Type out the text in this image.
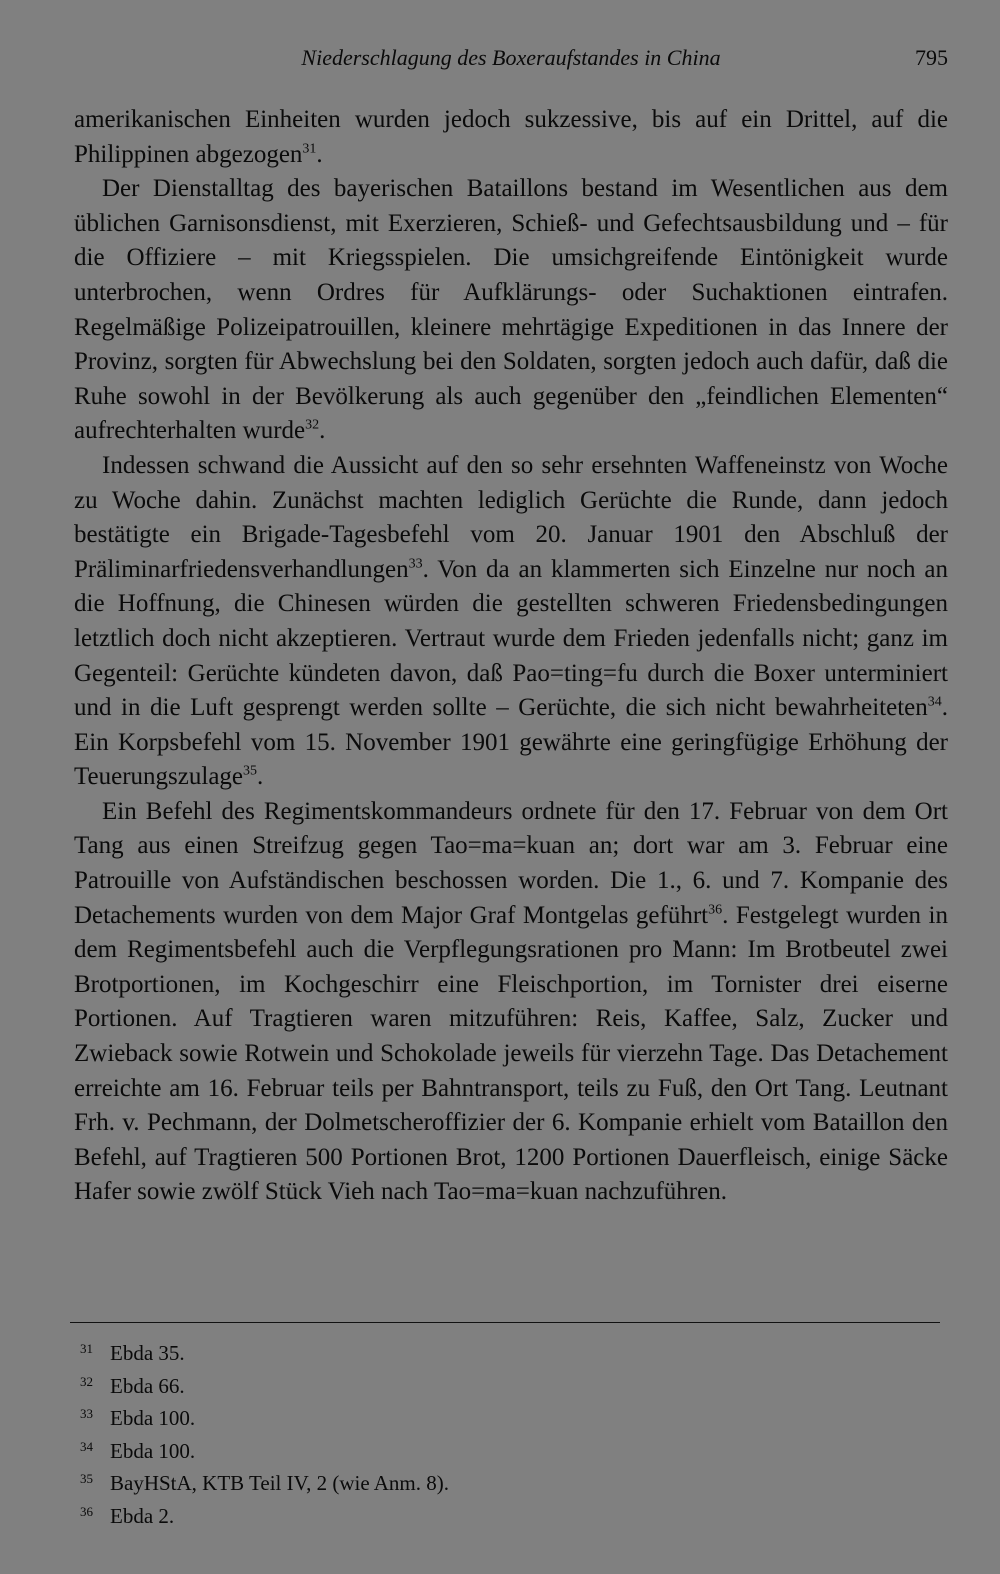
Niederschlagung des Boxeraufstandes in China	795

amerikanischen Einheiten wurden jedoch sukzessive, bis auf ein Drittel, auf die Philippinen abgezogen$^{31}$.

Der Dienstalltag des bayerischen Bataillons bestand im Wesentlichen aus dem üblichen Garnisonsdienst, mit Exerzieren, Schieß- und Gefechtsausbildung und – für die Offiziere – mit Kriegsspielen. Die umsichgreifende Eintönigkeit wurde unterbrochen, wenn Ordres für Aufklärungs- oder Suchaktionen eintrafen. Regelmäßige Polizeipatrouillen, kleinere mehrtägige Expeditionen in das Innere der Provinz, sorgten für Abwechslung bei den Soldaten, sorgten jedoch auch dafür, daß die Ruhe sowohl in der Bevölkerung als auch gegenüber den „feindlichen Elementen“ aufrechterhalten wurde$^{32}$.

Indessen schwand die Aussicht auf den so sehr ersehnten Waffeneinstz von Woche zu Woche dahin. Zunächst machten lediglich Gerüchte die Runde, dann jedoch bestätigte ein Brigade-Tagesbefehl vom 20. Januar 1901 den Abschluß der Präliminarfriedensverhandlungen$^{33}$. Von da an klammerten sich Einzelne nur noch an die Hoffnung, die Chinesen würden die gestellten schweren Friedensbedingungen letztlich doch nicht akzeptieren. Vertraut wurde dem Frieden jedenfalls nicht; ganz im Gegenteil: Gerüchte kündeten davon, daß Pao=ting=fu durch die Boxer unterminiert und in die Luft gesprengt werden sollte – Gerüchte, die sich nicht bewahrheiteten$^{34}$. Ein Korpsbefehl vom 15. November 1901 gewährte eine geringfügige Erhöhung der Teuerungszulage$^{35}$.

Ein Befehl des Regimentskommandeurs ordnete für den 17. Februar von dem Ort Tang aus einen Streifzug gegen Tao=ma=kuan an; dort war am 3. Februar eine Patrouille von Aufständischen beschossen worden. Die 1., 6. und 7. Kompanie des Detachements wurden von dem Major Graf Montgelas geführt$^{36}$. Festgelegt wurden in dem Regimentsbefehl auch die Verpflegungsrationen pro Mann: Im Brotbeutel zwei Brotportionen, im Kochgeschirr eine Fleischportion, im Tornister drei eiserne Portionen. Auf Tragtieren waren mitzuführen: Reis, Kaffee, Salz, Zucker und Zwieback sowie Rotwein und Schokolade jeweils für vierzehn Tage. Das Detachement erreichte am 16. Februar teils per Bahntransport, teils zu Fuß, den Ort Tang. Leutnant Frh. v. Pechmann, der Dolmetscheroffizier der 6. Kompanie erhielt vom Bataillon den Befehl, auf Tragtieren 500 Portionen Brot, 1200 Portionen Dauerfleisch, einige Säcke Hafer sowie zwölf Stück Vieh nach Tao=ma=kuan nachzuführen.

31 Ebda 35.
32 Ebda 66.
33 Ebda 100.
34 Ebda 100.
35 BayHStA, KTB Teil IV, 2 (wie Anm. 8).
36 Ebda 2.
